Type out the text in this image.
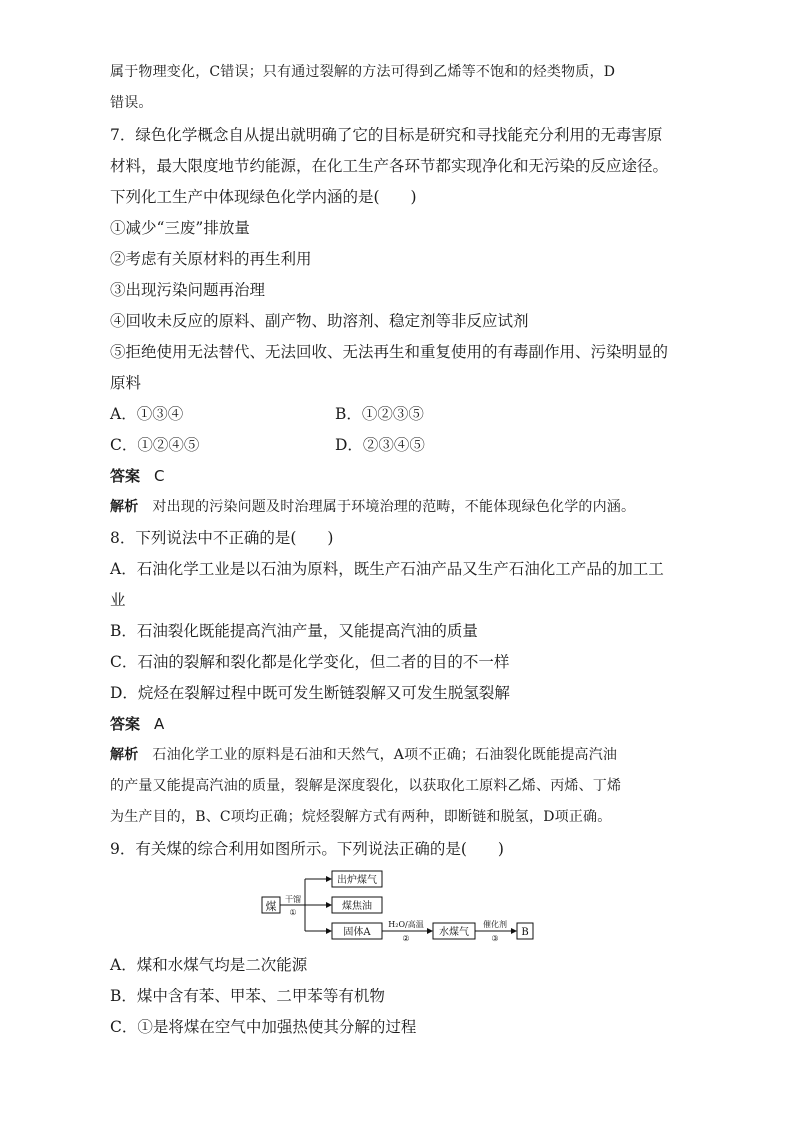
属于物理变化，C错误；只有通过裂解的方法可得到乙烯等不饱和的烃类物质，D
错误。
7．绿色化学概念自从提出就明确了它的目标是研究和寻找能充分利用的无毒害原
材料，最大限度地节约能源，在化工生产各环节都实现净化和无污染的反应途径。
下列化工生产中体现绿色化学内涵的是(　　)
①减少“三废”排放量
②考虑有关原材料的再生利用
③出现污染问题再治理
④回收未反应的原料、副产物、助溶剂、稳定剂等非反应试剂
⑤拒绝使用无法替代、无法回收、无法再生和重复使用的有毒副作用、污染明显的
原料
A．①③④	B．①②③⑤
C．①②④⑤	D．②③④⑤
答案 C
解析 对出现的污染问题及时治理属于环境治理的范畴，不能体现绿色化学的内涵。
8．下列说法中不正确的是(　　)
A．石油化学工业是以石油为原料，既生产石油产品又生产石油化工产品的加工工
业
B．石油裂化既能提高汽油产量，又能提高汽油的质量
C．石油的裂解和裂化都是化学变化，但二者的目的不一样
D．烷烃在裂解过程中既可发生断链裂解又可发生脱氢裂解
答案 A
解析 石油化学工业的原料是石油和天然气，A项不正确；石油裂化既能提高汽油
的产量又能提高汽油的质量，裂解是深度裂化，以获取化工原料乙烯、丙烯、丁烯
为生产目的，B、C项均正确；烷烃裂解方式有两种，即断链和脱氢，D项正确。
9．有关煤的综合利用如图所示。下列说法正确的是(　　)
煤
干馏
①
出炉煤气
煤焦油
固体A
H₂O/高温
②
水煤气
催化剂
③
B
A．煤和水煤气均是二次能源
B．煤中含有苯、甲苯、二甲苯等有机物
C．①是将煤在空气中加强热使其分解的过程
